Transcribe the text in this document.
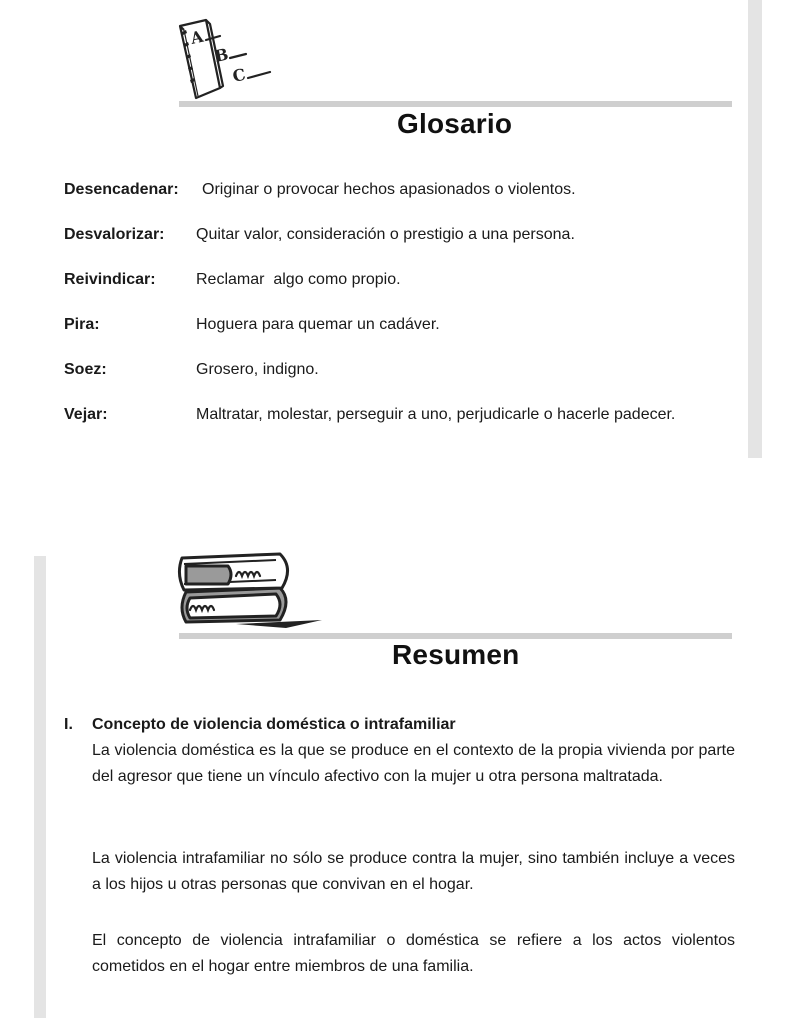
A
B
C
Glosario
Desencadenar: Originar o provocar hechos apasionados o violentos.
Desvalorizar: Quitar valor, consideración o prestigio a una persona.
Reivindicar:	Reclamar  algo como propio.
Pira:	Hoguera para quemar un cadáver.
Soez:	Grosero, indigno.
Vejar:	Maltratar, molestar, perseguir a uno, perjudicarle o hacerle padecer.
Resumen
I. Concepto de violencia doméstica o intrafamiliar

La violencia doméstica es la que se produce en el contexto de la propia vivienda por parte del agresor que tiene un vínculo afectivo con la mujer u otra persona maltratada.

La violencia intrafamiliar no sólo se produce contra la mujer, sino también incluye a veces a los hijos u otras personas que convivan en el hogar.

El concepto de violencia intrafamiliar o doméstica se refiere a los actos violentos cometidos en el hogar entre miembros de una familia.
